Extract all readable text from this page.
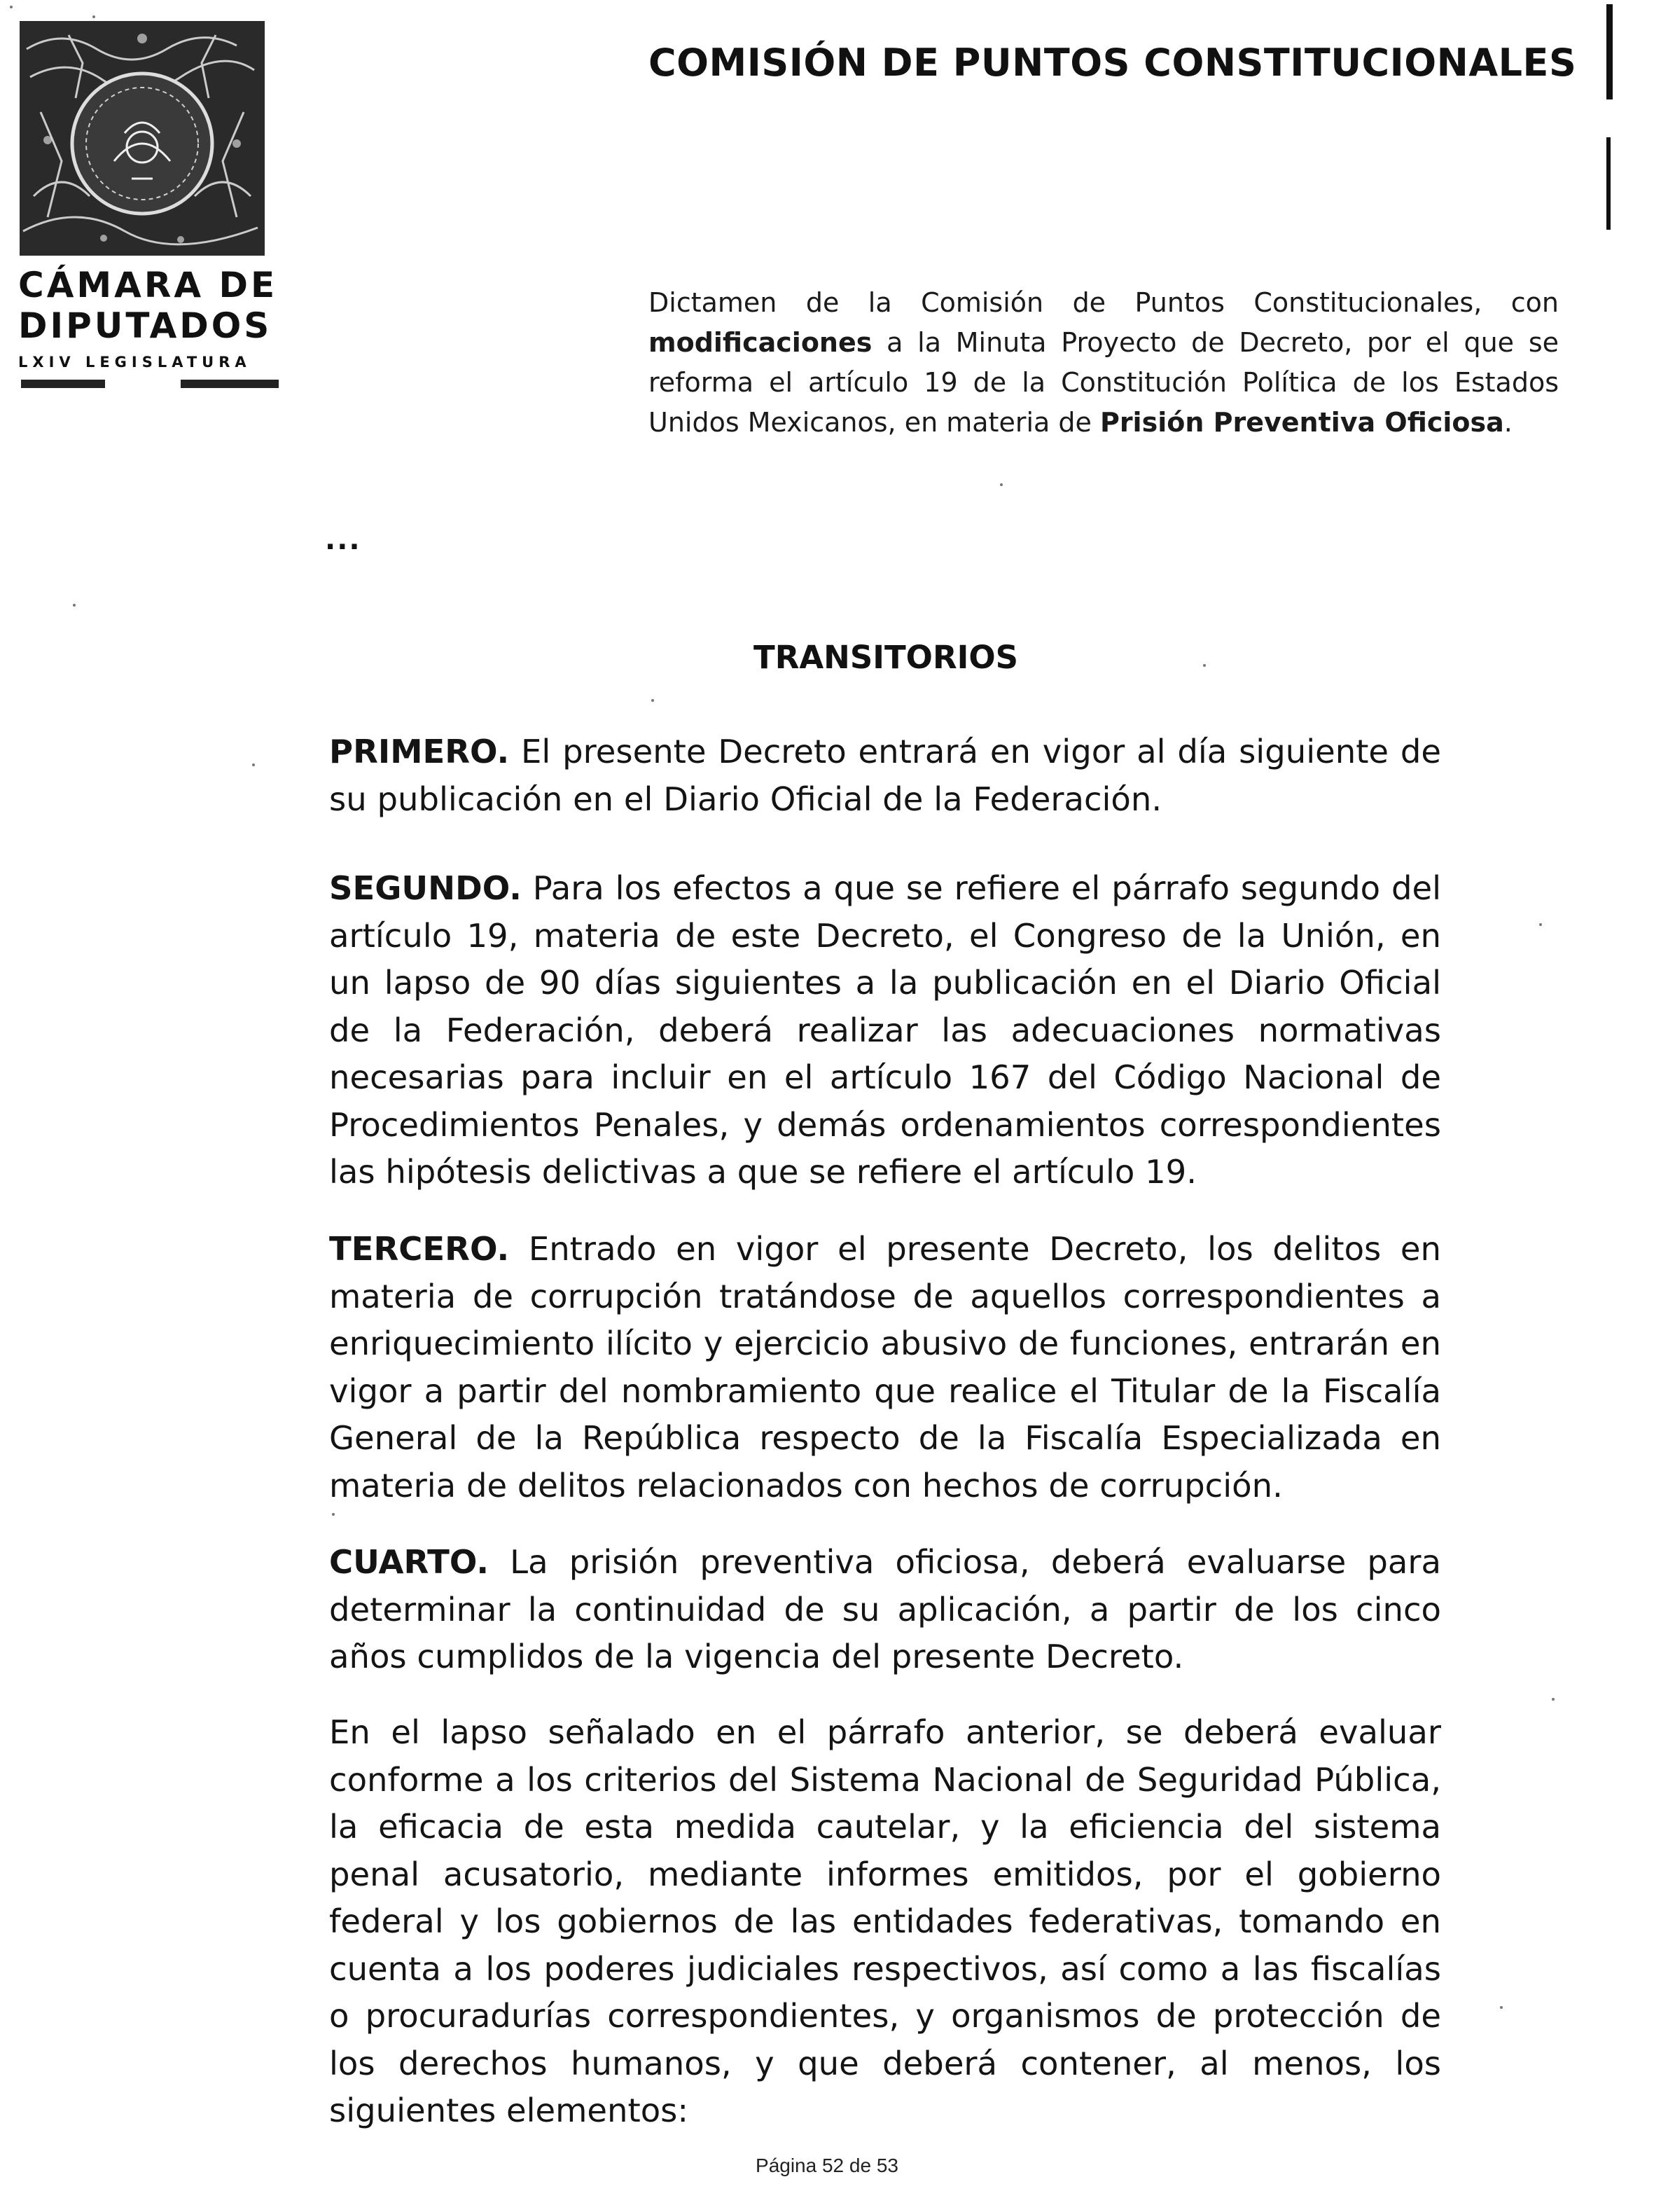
CÁMARA DE
DIPUTADOS
LXIV LEGISLATURA
COMISIÓN DE PUNTOS CONSTITUCIONALES
Dictamen de la Comisión de Puntos Constitucionales, con modificaciones a la Minuta Proyecto de Decreto, por el que se reforma el artículo 19 de la Constitución Política de los Estados Unidos Mexicanos, en materia de Prisión Preventiva Oficiosa.
...
TRANSITORIOS
PRIMERO. El presente Decreto entrará en vigor al día siguiente de su publicación en el Diario Oficial de la Federación.
SEGUNDO. Para los efectos a que se refiere el párrafo segundo del artículo 19, materia de este Decreto, el Congreso de la Unión, en un lapso de 90 días siguientes a la publicación en el Diario Oficial de la Federación, deberá realizar las adecuaciones normativas necesarias para incluir en el artículo 167 del Código Nacional de Procedimientos Penales, y demás ordenamientos correspondientes las hipótesis delictivas a que se refiere el artículo 19.
TERCERO. Entrado en vigor el presente Decreto, los delitos en materia de corrupción tratándose de aquellos correspondientes a enriquecimiento ilícito y ejercicio abusivo de funciones, entrarán en vigor a partir del nombramiento que realice el Titular de la Fiscalía General de la República respecto de la Fiscalía Especializada en materia de delitos relacionados con hechos de corrupción.
CUARTO. La prisión preventiva oficiosa, deberá evaluarse para determinar la continuidad de su aplicación, a partir de los cinco años cumplidos de la vigencia del presente Decreto.
En el lapso señalado en el párrafo anterior, se deberá evaluar conforme a los criterios del Sistema Nacional de Seguridad Pública, la eficacia de esta medida cautelar, y la eficiencia del sistema penal acusatorio, mediante informes emitidos, por el gobierno federal y los gobiernos de las entidades federativas, tomando en cuenta a los poderes judiciales respectivos, así como a las fiscalías o procuradurías correspondientes, y organismos de protección de los derechos humanos, y que deberá contener, al menos, los siguientes elementos:
Página 52 de 53
